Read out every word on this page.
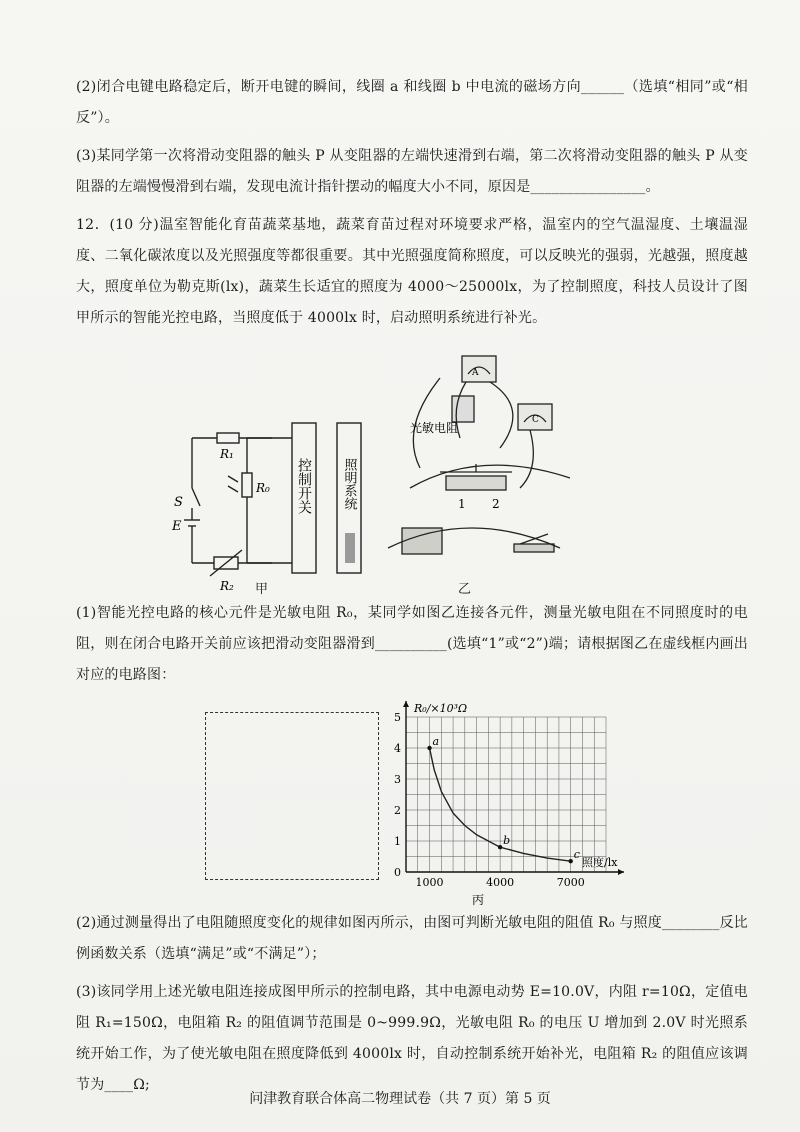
(2)闭合电键电路稳定后，断开电键的瞬间，线圈 a 和线圈 b 中电流的磁场方向______（选填“相同”或“相反”）。
(3)某同学第一次将滑动变阻器的触头 P 从变阻器的左端快速滑到右端，第二次将滑动变阻器的触头 P 从变阻器的左端慢慢滑到右端，发现电流计指针摆动的幅度大小不同，原因是________________。
12．(10 分)温室智能化育苗蔬菜基地，蔬菜育苗过程对环境要求严格，温室内的空气温湿度、土壤温湿度、二氧化碳浓度以及光照强度等都很重要。其中光照强度简称照度，可以反映光的强弱，光越强，照度越大，照度单位为勒克斯(lx)，蔬菜生长适宜的照度为 4000～25000lx，为了控制照度，科技人员设计了图甲所示的智能光控电路，当照度低于 4000lx 时，启动照明系统进行补光。
S
E
R₁
R₀
R₂
控制开关 照明系统
A
C
光敏电阻
1 2
甲	乙
(1)智能光控电路的核心元件是光敏电阻 R₀，某同学如图乙连接各元件，测量光敏电阻在不同照度时的电阻，则在闭合电路开关前应该把滑动变阻器滑到__________(选填“1”或“2”)端；请根据图乙在虚线框内画出对应的电路图：
1000	4000	7000
0
1
2
3
4
5
a
b
c
R₀/×10³Ω
照度/lx
丙
(2)通过测量得出了电阻随照度变化的规律如图丙所示，由图可判断光敏电阻的阻值 R₀ 与照度________反比例函数关系（选填“满足”或“不满足”）；
(3)该同学用上述光敏电阻连接成图甲所示的控制电路，其中电源电动势 E=10.0V，内阻 r=10Ω，定值电阻 R₁=150Ω，电阻箱 R₂ 的阻值调节范围是 0~999.9Ω，光敏电阻 R₀ 的电压 U 增加到 2.0V 时光照系统开始工作，为了使光敏电阻在照度降低到 4000lx 时，自动控制系统开始补光，电阻箱 R₂ 的阻值应该调节为____Ω;
问津教育联合体高二物理试卷（共 7 页）第 5 页
